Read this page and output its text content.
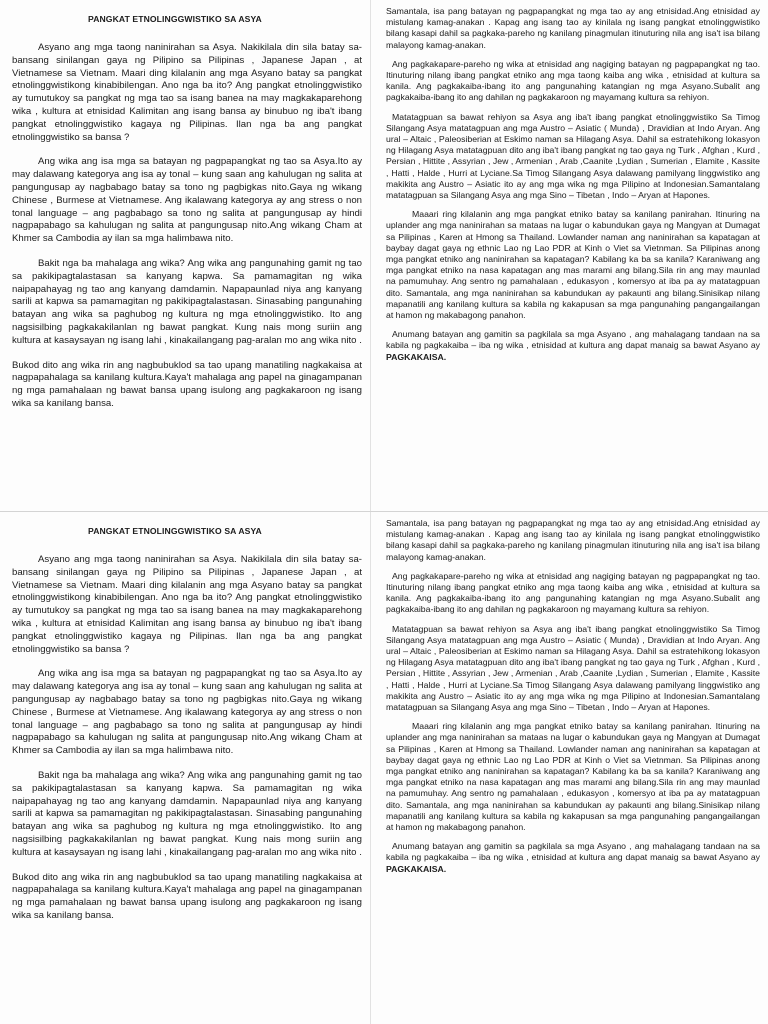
PANGKAT ETNOLINGGWISTIKO SA ASYA

Asyano ang mga taong naninirahan sa Asya. Nakikilala din sila batay sa- bansang sinilangan gaya ng Pilipino sa Pilipinas , Japanese Japan , at Vietnamese sa Vietnam. Maari ding kilalanin ang mga Asyano batay sa pangkat etnolinggwistikong kinabibilengan. Ano nga ba ito? Ang pangkat etnolinggwistiko ay tumutukoy sa pangkat ng mga tao sa isang banea na may magkakaparehong wika , kultura at etnisidad Kalimitan ang isang bansa ay binubuo ng iba't ibang pangkat etnolinggwistiko kagaya ng Pilipinas. Ilan nga ba ang pangkat etnolinggwistiko sa bansa ?

Ang wika ang isa mga sa batayan ng pagpapangkat ng tao sa Asya.Ito ay may dalawang kategorya ang isa ay tonal – kung saan ang kahulugan ng salita at pangungusap ay nagbabago batay sa tono ng pagbigkas nito.Gaya ng wikang Chinese , Burmese at Vietnamese. Ang ikalawang kategorya ay ang stress o non tonal language – ang pagbabago sa tono ng salita at pangungusap ay hindi nagpapabago sa kahulugan ng salita at pangungusap nito.Ang wikang Cham at Khmer sa Cambodia ay ilan sa mga halimbawa nito.

Bakit nga ba mahalaga ang wika? Ang wika ang pangunahing gamit ng tao sa pakikipagtalastasan sa kanyang kapwa. Sa pamamagitan ng wika naipapahayag ng tao ang kanyang damdamin. Napapaunlad niya ang kanyang sarili at kapwa sa pamamagitan ng pakikipagtalastasan. Sinasabing pangunahing batayan ang wika sa paghubog ng kultura ng mga etnolinggwistiko. Ito ang nagsisilbing pagkakakilanlan ng bawat pangkat. Kung nais mong suriin ang kultura at kasaysayan ng isang lahi , kinakailangang pag-aralan mo ang wika nito .

Bukod dito ang wika rin ang nagbubuklod sa tao upang manatiling nagkakaisa at nagpapahalaga sa kanilang kultura.Kaya't mahalaga ang papel na ginagampanan ng mga pamahalaan ng bawat bansa upang isulong ang pagkakaroon ng isang wika sa kanilang bansa.

Samantala, isa pang batayan ng pagpapangkat ng mga tao ay ang etnisidad.Ang etnisidad ay mistulang kamag-anakan . Kapag ang isang tao ay kinilala ng isang pangkat etnolinggwistiko bilang kasapi dahil sa pagkaka-pareho ng kanilang pinagmulan itinuturing nila ang isa't isa bilang malayong kamag-anakan.

Ang pagkakapare-pareho ng wika at etnisidad ang nagiging batayan ng pagpapangkat ng tao. Itinuturing nilang ibang pangkat etniko ang mga taong kaiba ang wika , etnisidad at kultura sa kanila. Ang pagkakaiba-ibang ito ang pangunahing katangian ng mga Asyano.Subalit ang pagkakaiba-ibang ito ang dahilan ng pagkakaroon ng mayamang kultura sa rehiyon.

Matatagpuan sa bawat rehiyon sa Asya ang iba't ibang pangkat etnolinggwistiko Sa Timog Silangang Asya matatagpuan ang mga Austro – Asiatic ( Munda) , Dravidian at Indo Aryan. Ang ural – Altaic , Paleosiberian at Eskimo naman sa Hilagang Asya. Dahil sa estratehikong lokasyon ng Hilagang Asya matatagpuan dito ang iba't ibang pangkat ng tao gaya ng Turk , Afghan , Kurd , Persian , Hittite , Assyrian , Jew , Armenian , Arab ,Caanite ,Lydian , Sumerian , Elamite , Kassite , Hatti , Halde , Hurri at Lyciane.Sa Timog Silangang Asya dalawang pamilyang linggwistiko ang makikita ang Austro – Asiatic ito ay ang mga wika ng mga Pilipino at Indonesian.Samantalang matatagpuan sa Silangang Asya ang mga Sino – Tibetan , Indo – Aryan at Hapones.

Maaari ring kilalanin ang mga pangkat etniko batay sa kanilang panirahan. Itinuring na uplander ang mga naninirahan sa mataas na lugar o kabundukan gaya ng Mangyan at Dumagat sa Pilipinas , Karen at Hmong sa Thailand. Lowlander naman ang naninirahan sa kapatagan at baybay dagat gaya ng ethnic Lao ng Lao PDR at Kinh o Viet sa Vietnman. Sa Pilipinas anong mga pangkat etniko ang naninirahan sa kapatagan? Kabilang ka ba sa kanila? Karaniwang ang mga pangkat etniko na nasa kapatagan ang mas marami ang bilang.Sila rin ang may maunlad na pamumuhay. Ang sentro ng pamahalaan , edukasyon , komersyo at iba pa ay matatagpuan dito. Samantala, ang mga naninirahan sa kabundukan ay pakaunti ang bilang.Sinisikap nilang mapanatili ang kanilang kultura sa kabila ng kakapusan sa mga pangunahing pangangailangan at hamon ng makabagong panahon.

Anumang batayan ang gamitin sa pagkilala sa mga Asyano , ang mahalagang tandaan na sa kabila ng pagkakaiba – iba ng wika , etnisidad at kultura ang dapat manaig sa bawat Asyano ay PAGKAKAISA.

PANGKAT ETNOLINGGWISTIKO SA ASYA

Asyano ang mga taong naninirahan sa Asya. Nakikilala din sila batay sa- bansang sinilangan gaya ng Pilipino sa Pilipinas , Japanese Japan , at Vietnamese sa Vietnam. Maari ding kilalanin ang mga Asyano batay sa pangkat etnolinggwistikong kinabibilengan. Ano nga ba ito? Ang pangkat etnolinggwistiko ay tumutukoy sa pangkat ng mga tao sa isang banea na may magkakaparehong wika , kultura at etnisidad Kalimitan ang isang bansa ay binubuo ng iba't ibang pangkat etnolinggwistiko kagaya ng Pilipinas. Ilan nga ba ang pangkat etnolinggwistiko sa bansa ?

Ang wika ang isa mga sa batayan ng pagpapangkat ng tao sa Asya.Ito ay may dalawang kategorya ang isa ay tonal – kung saan ang kahulugan ng salita at pangungusap ay nagbabago batay sa tono ng pagbigkas nito.Gaya ng wikang Chinese , Burmese at Vietnamese. Ang ikalawang kategorya ay ang stress o non tonal language – ang pagbabago sa tono ng salita at pangungusap ay hindi nagpapabago sa kahulugan ng salita at pangungusap nito.Ang wikang Cham at Khmer sa Cambodia ay ilan sa mga halimbawa nito.

Bakit nga ba mahalaga ang wika? Ang wika ang pangunahing gamit ng tao sa pakikipagtalastasan sa kanyang kapwa. Sa pamamagitan ng wika naipapahayag ng tao ang kanyang damdamin. Napapaunlad niya ang kanyang sarili at kapwa sa pamamagitan ng pakikipagtalastasan. Sinasabing pangunahing batayan ang wika sa paghubog ng kultura ng mga etnolinggwistiko. Ito ang nagsisilbing pagkakakilanlan ng bawat pangkat. Kung nais mong suriin ang kultura at kasaysayan ng isang lahi , kinakailangang pag-aralan mo ang wika nito .

Bukod dito ang wika rin ang nagbubuklod sa tao upang manatiling nagkakaisa at nagpapahalaga sa kanilang kultura.Kaya't mahalaga ang papel na ginagampanan ng mga pamahalaan ng bawat bansa upang isulong ang pagkakaroon ng isang wika sa kanilang bansa.

Samantala, isa pang batayan ng pagpapangkat ng mga tao ay ang etnisidad.Ang etnisidad ay mistulang kamag-anakan . Kapag ang isang tao ay kinilala ng isang pangkat etnolinggwistiko bilang kasapi dahil sa pagkaka-pareho ng kanilang pinagmulan itinuturing nila ang isa't isa bilang malayong kamag-anakan.

Ang pagkakapare-pareho ng wika at etnisidad ang nagiging batayan ng pagpapangkat ng tao. Itinuturing nilang ibang pangkat etniko ang mga taong kaiba ang wika , etnisidad at kultura sa kanila. Ang pagkakaiba-ibang ito ang pangunahing katangian ng mga Asyano.Subalit ang pagkakaiba-ibang ito ang dahilan ng pagkakaroon ng mayamang kultura sa rehiyon.

Matatagpuan sa bawat rehiyon sa Asya ang iba't ibang pangkat etnolinggwistiko Sa Timog Silangang Asya matatagpuan ang mga Austro – Asiatic ( Munda) , Dravidian at Indo Aryan. Ang ural – Altaic , Paleosiberian at Eskimo naman sa Hilagang Asya. Dahil sa estratehikong lokasyon ng Hilagang Asya matatagpuan dito ang iba't ibang pangkat ng tao gaya ng Turk , Afghan , Kurd , Persian , Hittite , Assyrian , Jew , Armenian , Arab ,Caanite ,Lydian , Sumerian , Elamite , Kassite , Hatti , Halde , Hurri at Lyciane.Sa Timog Silangang Asya dalawang pamilyang linggwistiko ang makikita ang Austro – Asiatic ito ay ang mga wika ng mga Pilipino at Indonesian.Samantalang matatagpuan sa Silangang Asya ang mga Sino – Tibetan , Indo – Aryan at Hapones.

Maaari ring kilalanin ang mga pangkat etniko batay sa kanilang panirahan. Itinuring na uplander ang mga naninirahan sa mataas na lugar o kabundukan gaya ng Mangyan at Dumagat sa Pilipinas , Karen at Hmong sa Thailand. Lowlander naman ang naninirahan sa kapatagan at baybay dagat gaya ng ethnic Lao ng Lao PDR at Kinh o Viet sa Vietnman. Sa Pilipinas anong mga pangkat etniko ang naninirahan sa kapatagan? Kabilang ka ba sa kanila? Karaniwang ang mga pangkat etniko na nasa kapatagan ang mas marami ang bilang.Sila rin ang may maunlad na pamumuhay. Ang sentro ng pamahalaan , edukasyon , komersyo at iba pa ay matatagpuan dito. Samantala, ang mga naninirahan sa kabundukan ay pakaunti ang bilang.Sinisikap nilang mapanatili ang kanilang kultura sa kabila ng kakapusan sa mga pangunahing pangangailangan at hamon ng makabagong panahon.

Anumang batayan ang gamitin sa pagkilala sa mga Asyano , ang mahalagang tandaan na sa kabila ng pagkakaiba – iba ng wika , etnisidad at kultura ang dapat manaig sa bawat Asyano ay PAGKAKAISA.
